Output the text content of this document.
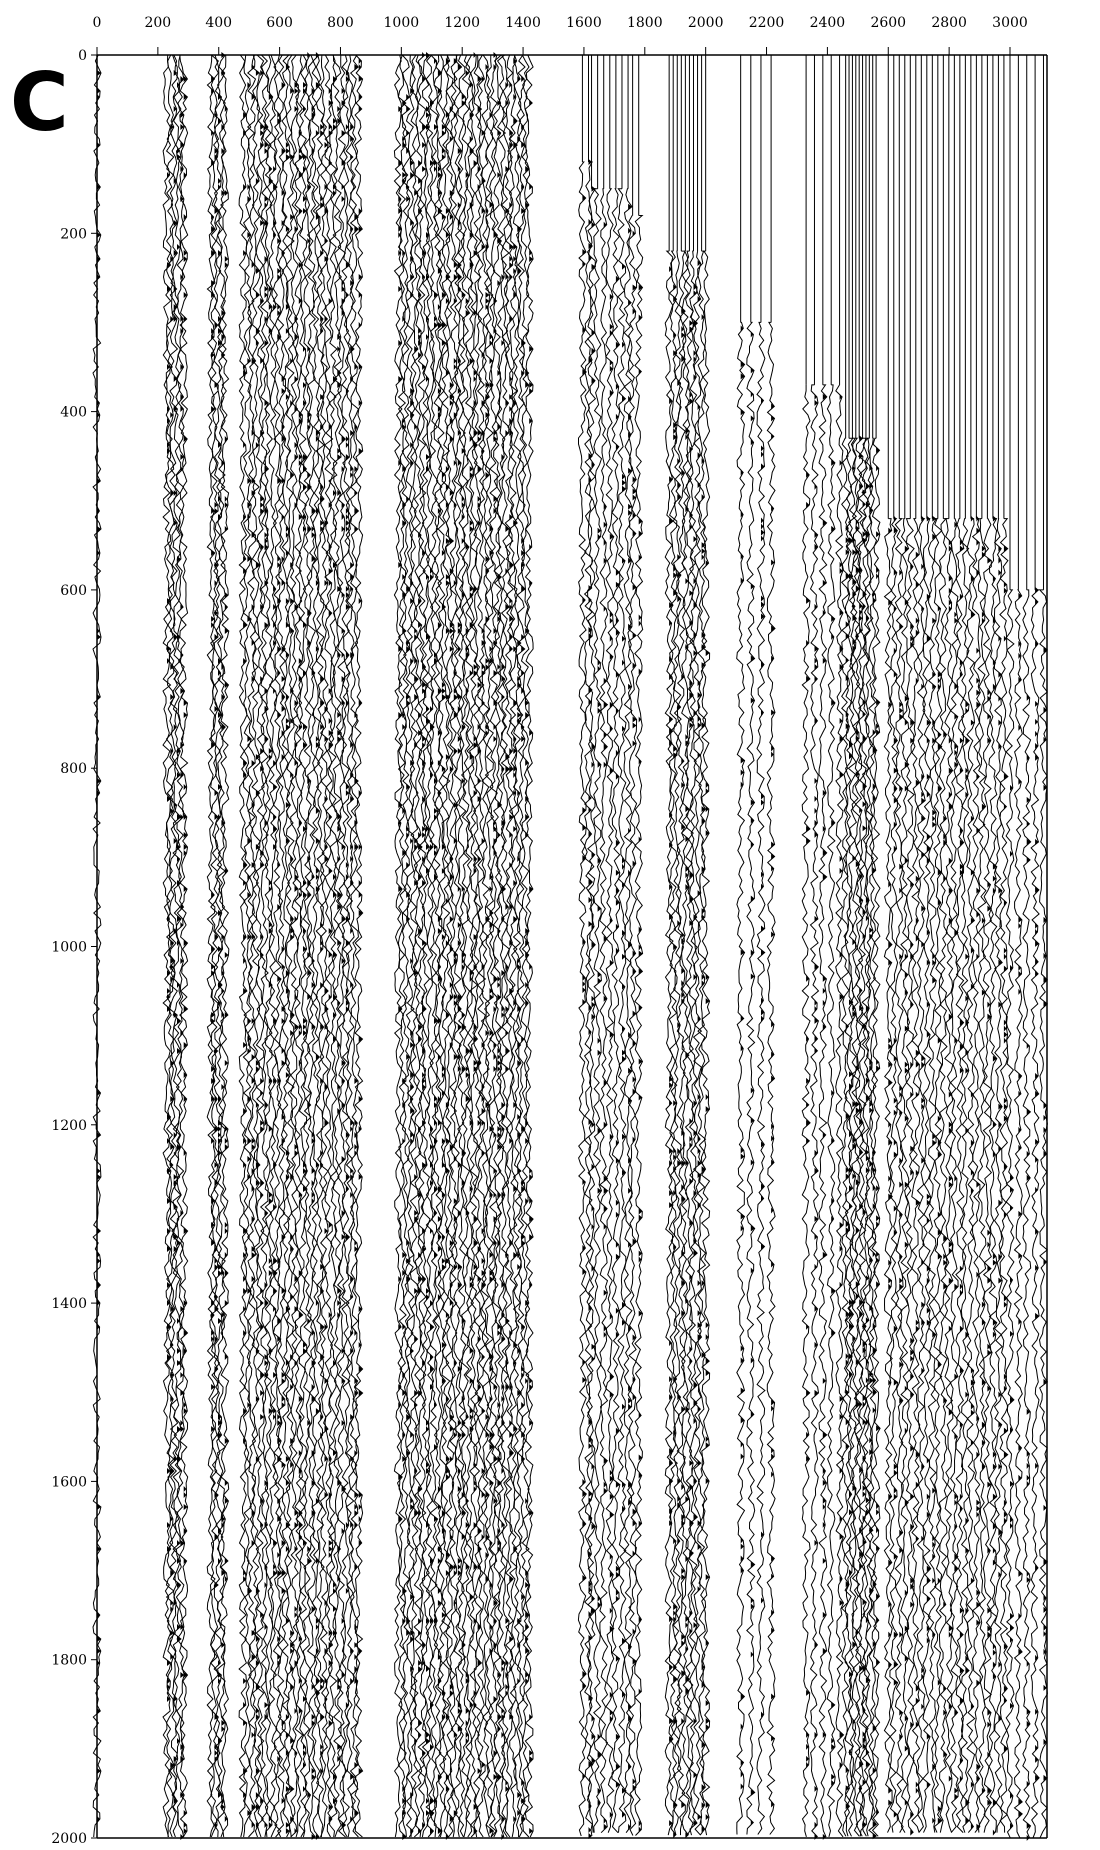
C
0	200 400 600 800 1000 1200 1400 1600 1800 2000 2200 2400 2600 2800 3000
0
200
400
600
800
1000
1200
1400
1600
1800
2000
